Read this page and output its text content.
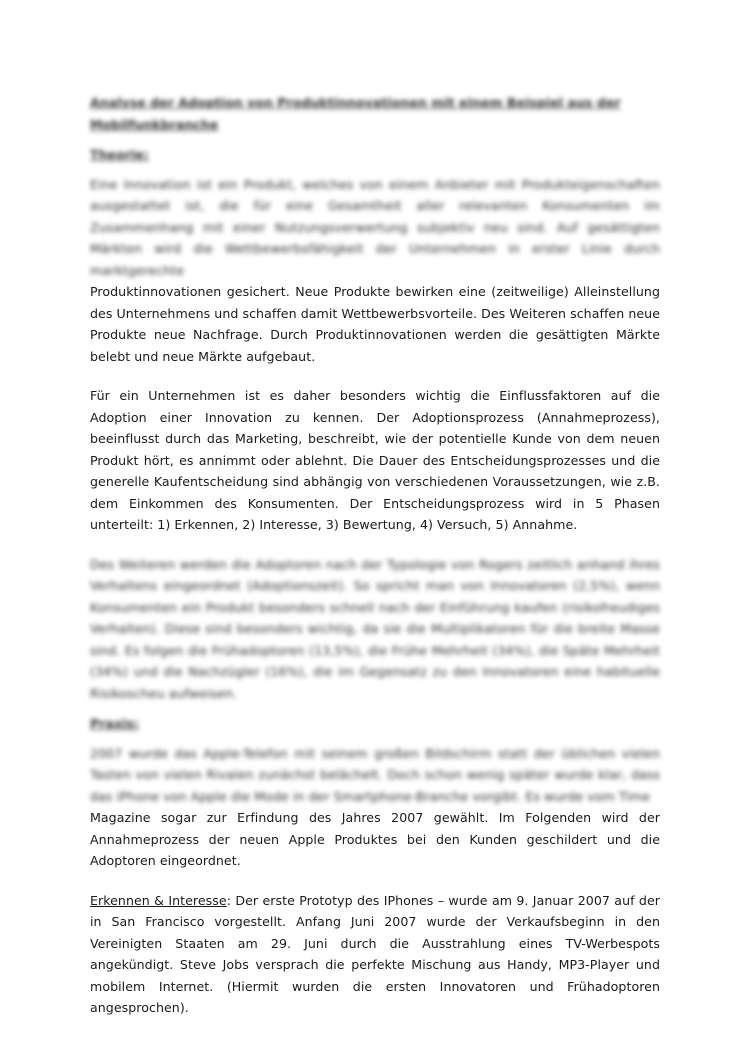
Analyse der Adoption von Produktinnovationen mit einem Beispiel aus der Mobilfunkbranche

Theorie:

Eine Innovation ist ein Produkt, welches von einem Anbieter mit Produkteigenschaften ausgestattet ist, die für eine Gesamtheit aller relevanten Konsumenten im Zusammenhang mit einer Nutzungsverwertung subjektiv neu sind. Auf gesättigten Märkten wird die Wettbewerbsfähigkeit der Unternehmen in erster Linie durch marktgerechte

Produktinnovationen gesichert. Neue Produkte bewirken eine (zeitweilige) Alleinstellung des Unternehmens und schaffen damit Wettbewerbsvorteile. Des Weiteren schaffen neue Produkte neue Nachfrage. Durch Produktinnovationen werden die gesättigten Märkte belebt und neue Märkte aufgebaut.

Für ein Unternehmen ist es daher besonders wichtig die Einflussfaktoren auf die Adoption einer Innovation zu kennen. Der Adoptionsprozess (Annahmeprozess), beeinflusst durch das Marketing, beschreibt, wie der potentielle Kunde von dem neuen Produkt hört, es annimmt oder ablehnt. Die Dauer des Entscheidungsprozesses und die generelle Kaufentscheidung sind abhängig von verschiedenen Voraussetzungen, wie z.B. dem Einkommen des Konsumenten. Der Entscheidungsprozess wird in 5 Phasen unterteilt: 1) Erkennen, 2) Interesse, 3) Bewertung, 4) Versuch, 5) Annahme.

Des Weiteren werden die Adoptoren nach der Typologie von Rogers zeitlich anhand ihres Verhaltens eingeordnet (Adoptionszeit). So spricht man von Innovatoren (2,5%), wenn Konsumenten ein Produkt besonders schnell nach der Einführung kaufen (risikofreudiges Verhalten). Diese sind besonders wichtig, da sie die Multiplikatoren für die breite Masse sind. Es folgen die Frühadoptoren (13,5%), die Frühe Mehrheit (34%), die Späte Mehrheit (34%) und die Nachzügler (16%), die im Gegensatz zu den Innovatoren eine habituelle Risikoscheu aufweisen.

Praxis:

2007 wurde das Apple-Telefon mit seinem großen Bildschirm statt der üblichen vielen Tasten von vielen Rivalen zunächst belächelt. Doch schon wenig später wurde klar, dass das iPhone von Apple die Mode in der Smartphone-Branche vorgibt. Es wurde vom Time

Magazine sogar zur Erfindung des Jahres 2007 gewählt. Im Folgenden wird der Annahmeprozess der neuen Apple Produktes bei den Kunden geschildert und die Adoptoren eingeordnet.

Erkennen & Interesse: Der erste Prototyp des IPhones – wurde am 9. Januar 2007 auf der in San Francisco vorgestellt. Anfang Juni 2007 wurde der Verkaufsbeginn in den Vereinigten Staaten am 29. Juni durch die Ausstrahlung eines TV-Werbespots angekündigt. Steve Jobs versprach die perfekte Mischung aus Handy, MP3-Player und mobilem Internet. (Hiermit wurden die ersten Innovatoren und Frühadoptoren angesprochen).
